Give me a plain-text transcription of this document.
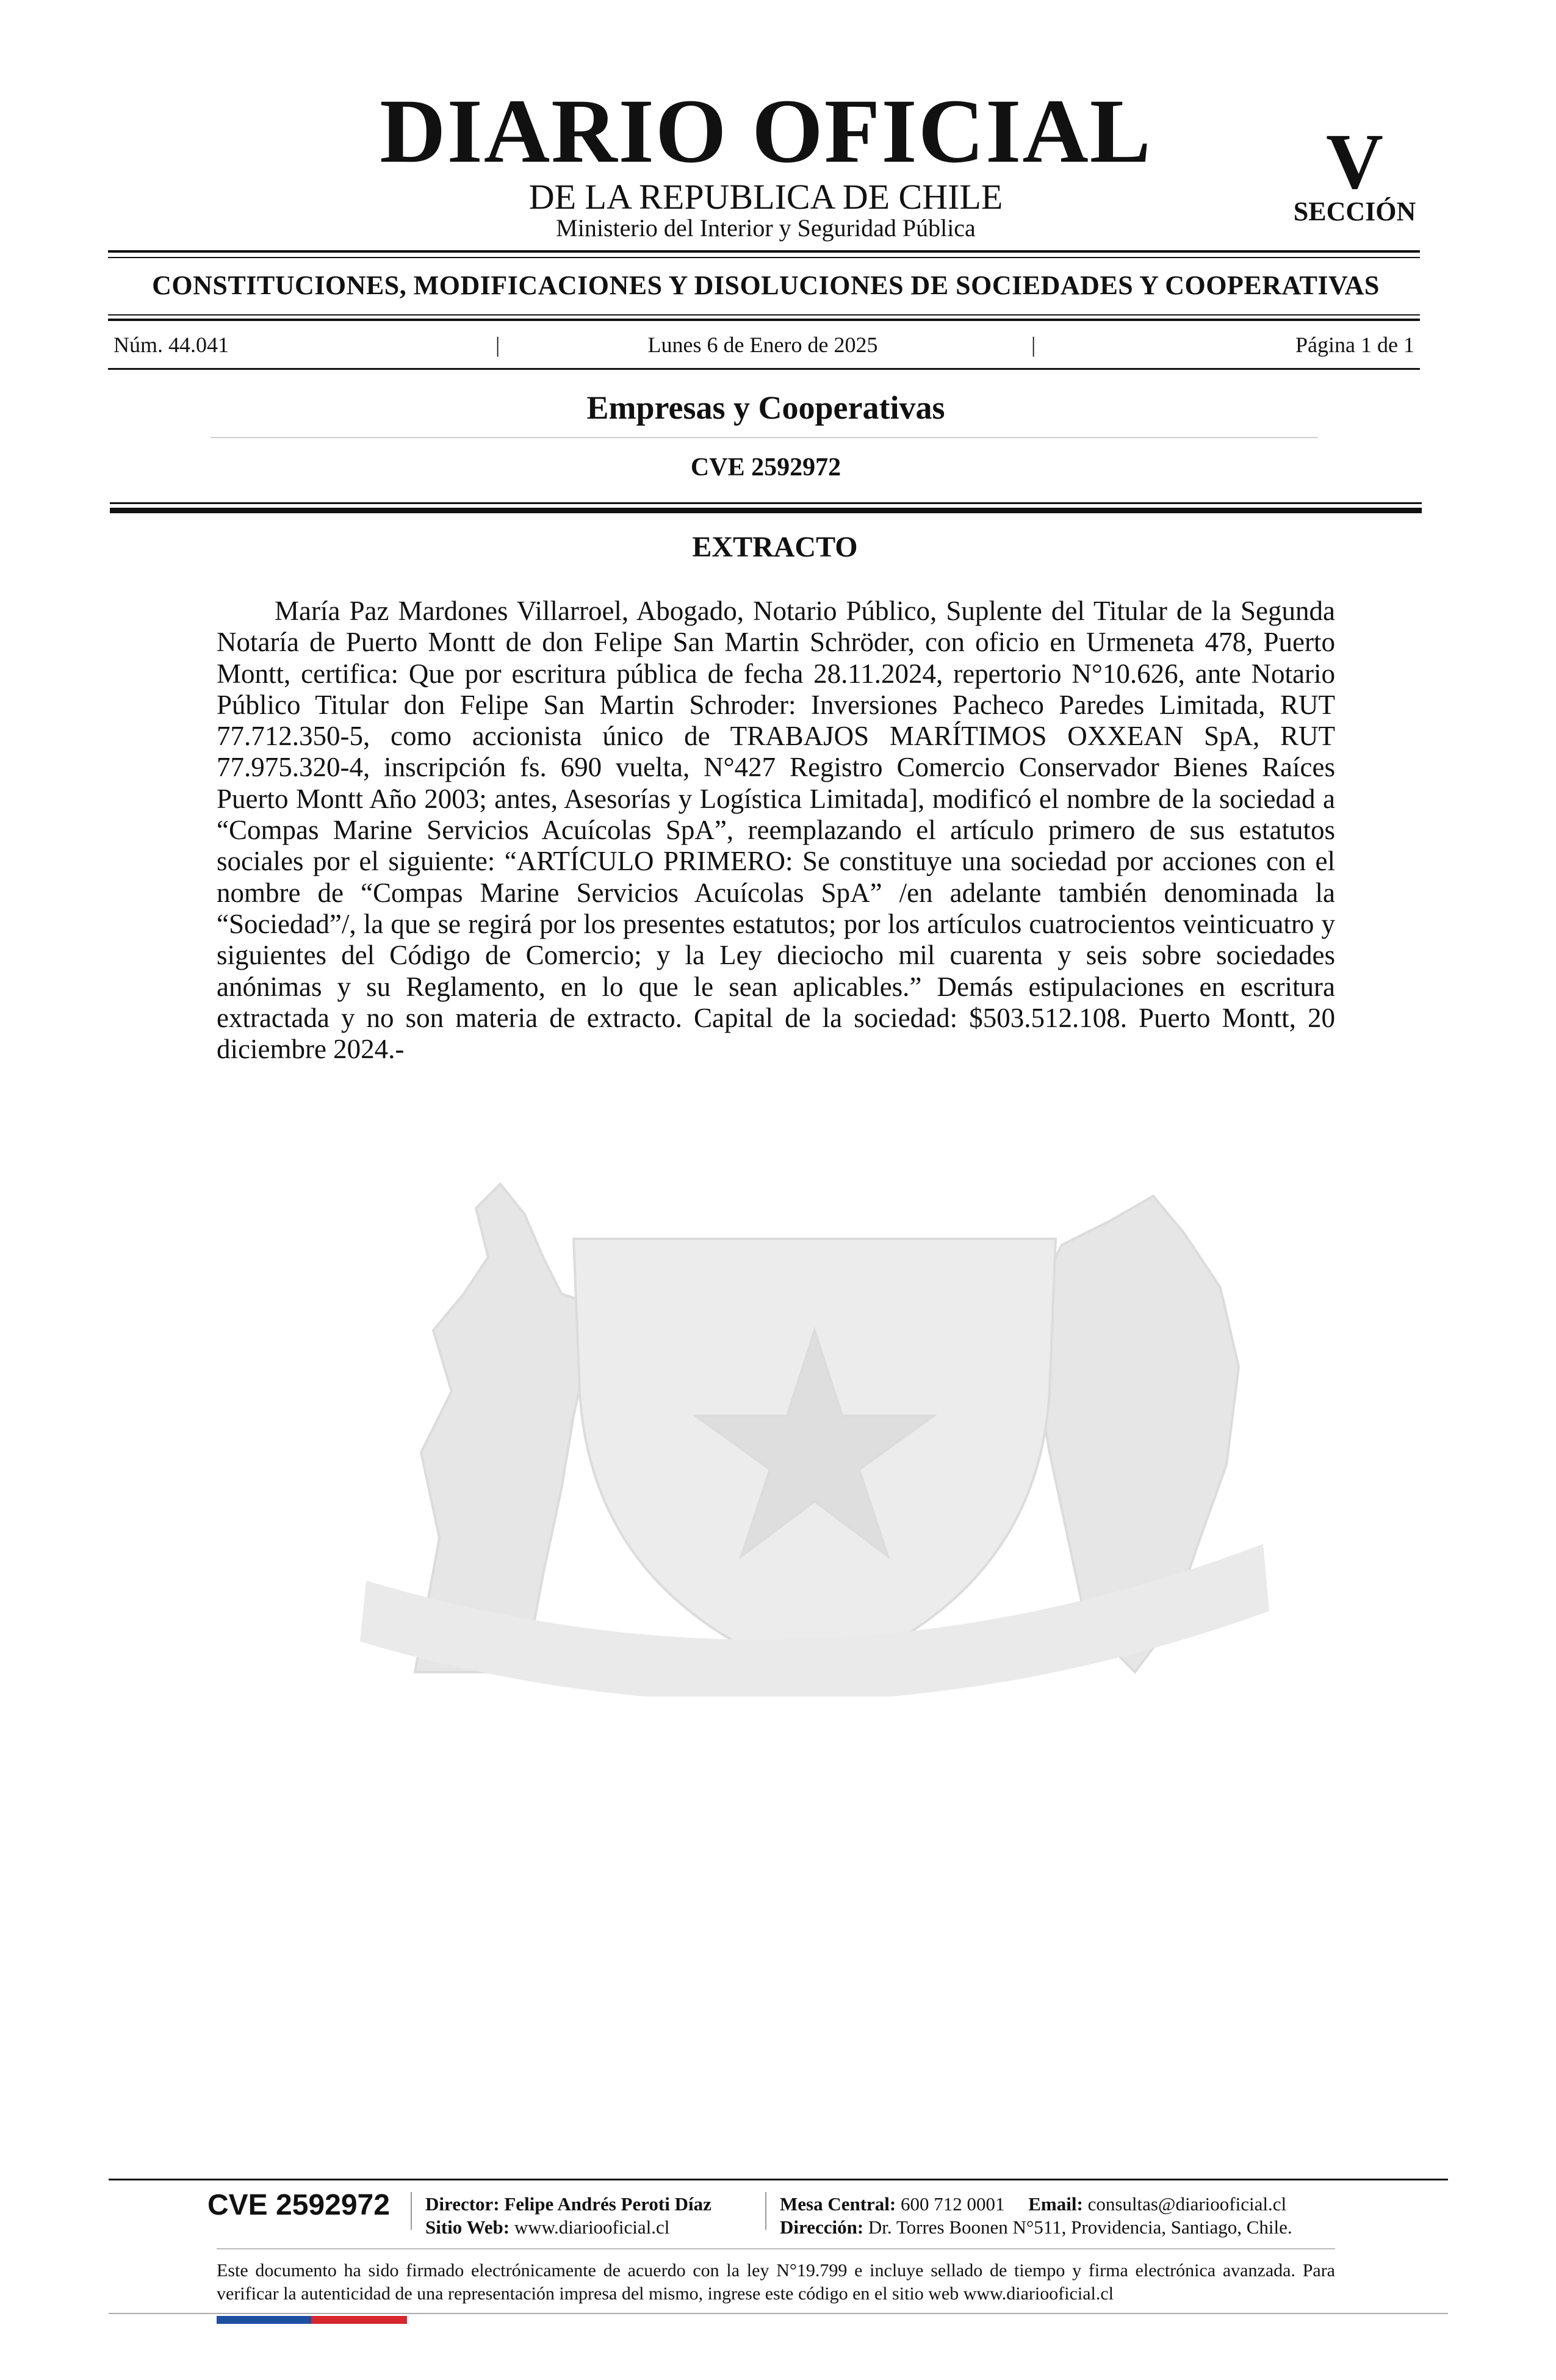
DIARIO OFICIAL
DE LA REPUBLICA DE CHILE
Ministerio del Interior y Seguridad Pública
V
SECCIÓN
CONSTITUCIONES, MODIFICACIONES Y DISOLUCIONES DE SOCIEDADES Y COOPERATIVAS
Núm. 44.041	|	Lunes 6 de Enero de 2025	|	Página 1 de 1
Empresas y Cooperativas
CVE 2592972
EXTRACTO
María Paz Mardones Villarroel, Abogado, Notario Público, Suplente del Titular de la Segunda Notaría de Puerto Montt de don Felipe San Martin Schröder, con oficio en Urmeneta 478, Puerto Montt, certifica: Que por escritura pública de fecha 28.11.2024, repertorio N°10.626, ante Notario Público Titular don Felipe San Martin Schroder: Inversiones Pacheco Paredes Limitada, RUT 77.712.350-5, como accionista único de TRABAJOS MARÍTIMOS OXXEAN SpA, RUT 77.975.320-4, inscripción fs. 690 vuelta, N°427 Registro Comercio Conservador Bienes Raíces Puerto Montt Año 2003; antes, Asesorías y Logística Limitada], modificó el nombre de la sociedad a “Compas Marine Servicios Acuícolas SpA”, reemplazando el artículo primero de sus estatutos sociales por el siguiente: “ARTÍCULO PRIMERO: Se constituye una sociedad por acciones con el nombre de “Compas Marine Servicios Acuícolas SpA” /en adelante también denominada la “Sociedad”/, la que se regirá por los presentes estatutos; por los artículos cuatrocientos veinticuatro y siguientes del Código de Comercio; y la Ley dieciocho mil cuarenta y seis sobre sociedades anónimas y su Reglamento, en lo que le sean aplicables.” Demás estipulaciones en escritura extractada y no son materia de extracto. Capital de la sociedad: $503.512.108. Puerto Montt, 20 diciembre 2024.-
CVE 2592972	Director: Felipe Andrés Peroti Díaz
Sitio Web: www.diariooficial.cl
Mesa Central: 600 712 0001 Email: consultas@diariooficial.cl
Dirección: Dr. Torres Boonen N°511, Providencia, Santiago, Chile.
Este documento ha sido firmado electrónicamente de acuerdo con la ley N°19.799 e incluye sellado de tiempo y firma electrónica avanzada. Para verificar la autenticidad de una representación impresa del mismo, ingrese este código en el sitio web www.diariooficial.cl
